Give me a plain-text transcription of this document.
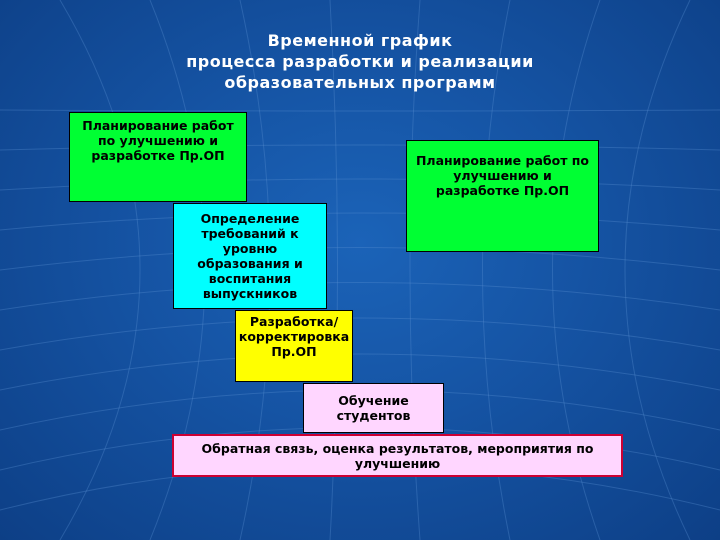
Временной график
процесса разработки и реализации
образовательных программ
Планирование работ по улучшению и разработке Пр.ОП	Планирование работ по улучшению и разработке Пр.ОП
Определение требований к уровню образования и воспитания выпускников
Разработка/корректировка Пр.ОП
Обучение студентов
Обратная связь, оценка результатов, мероприятия по улучшению
